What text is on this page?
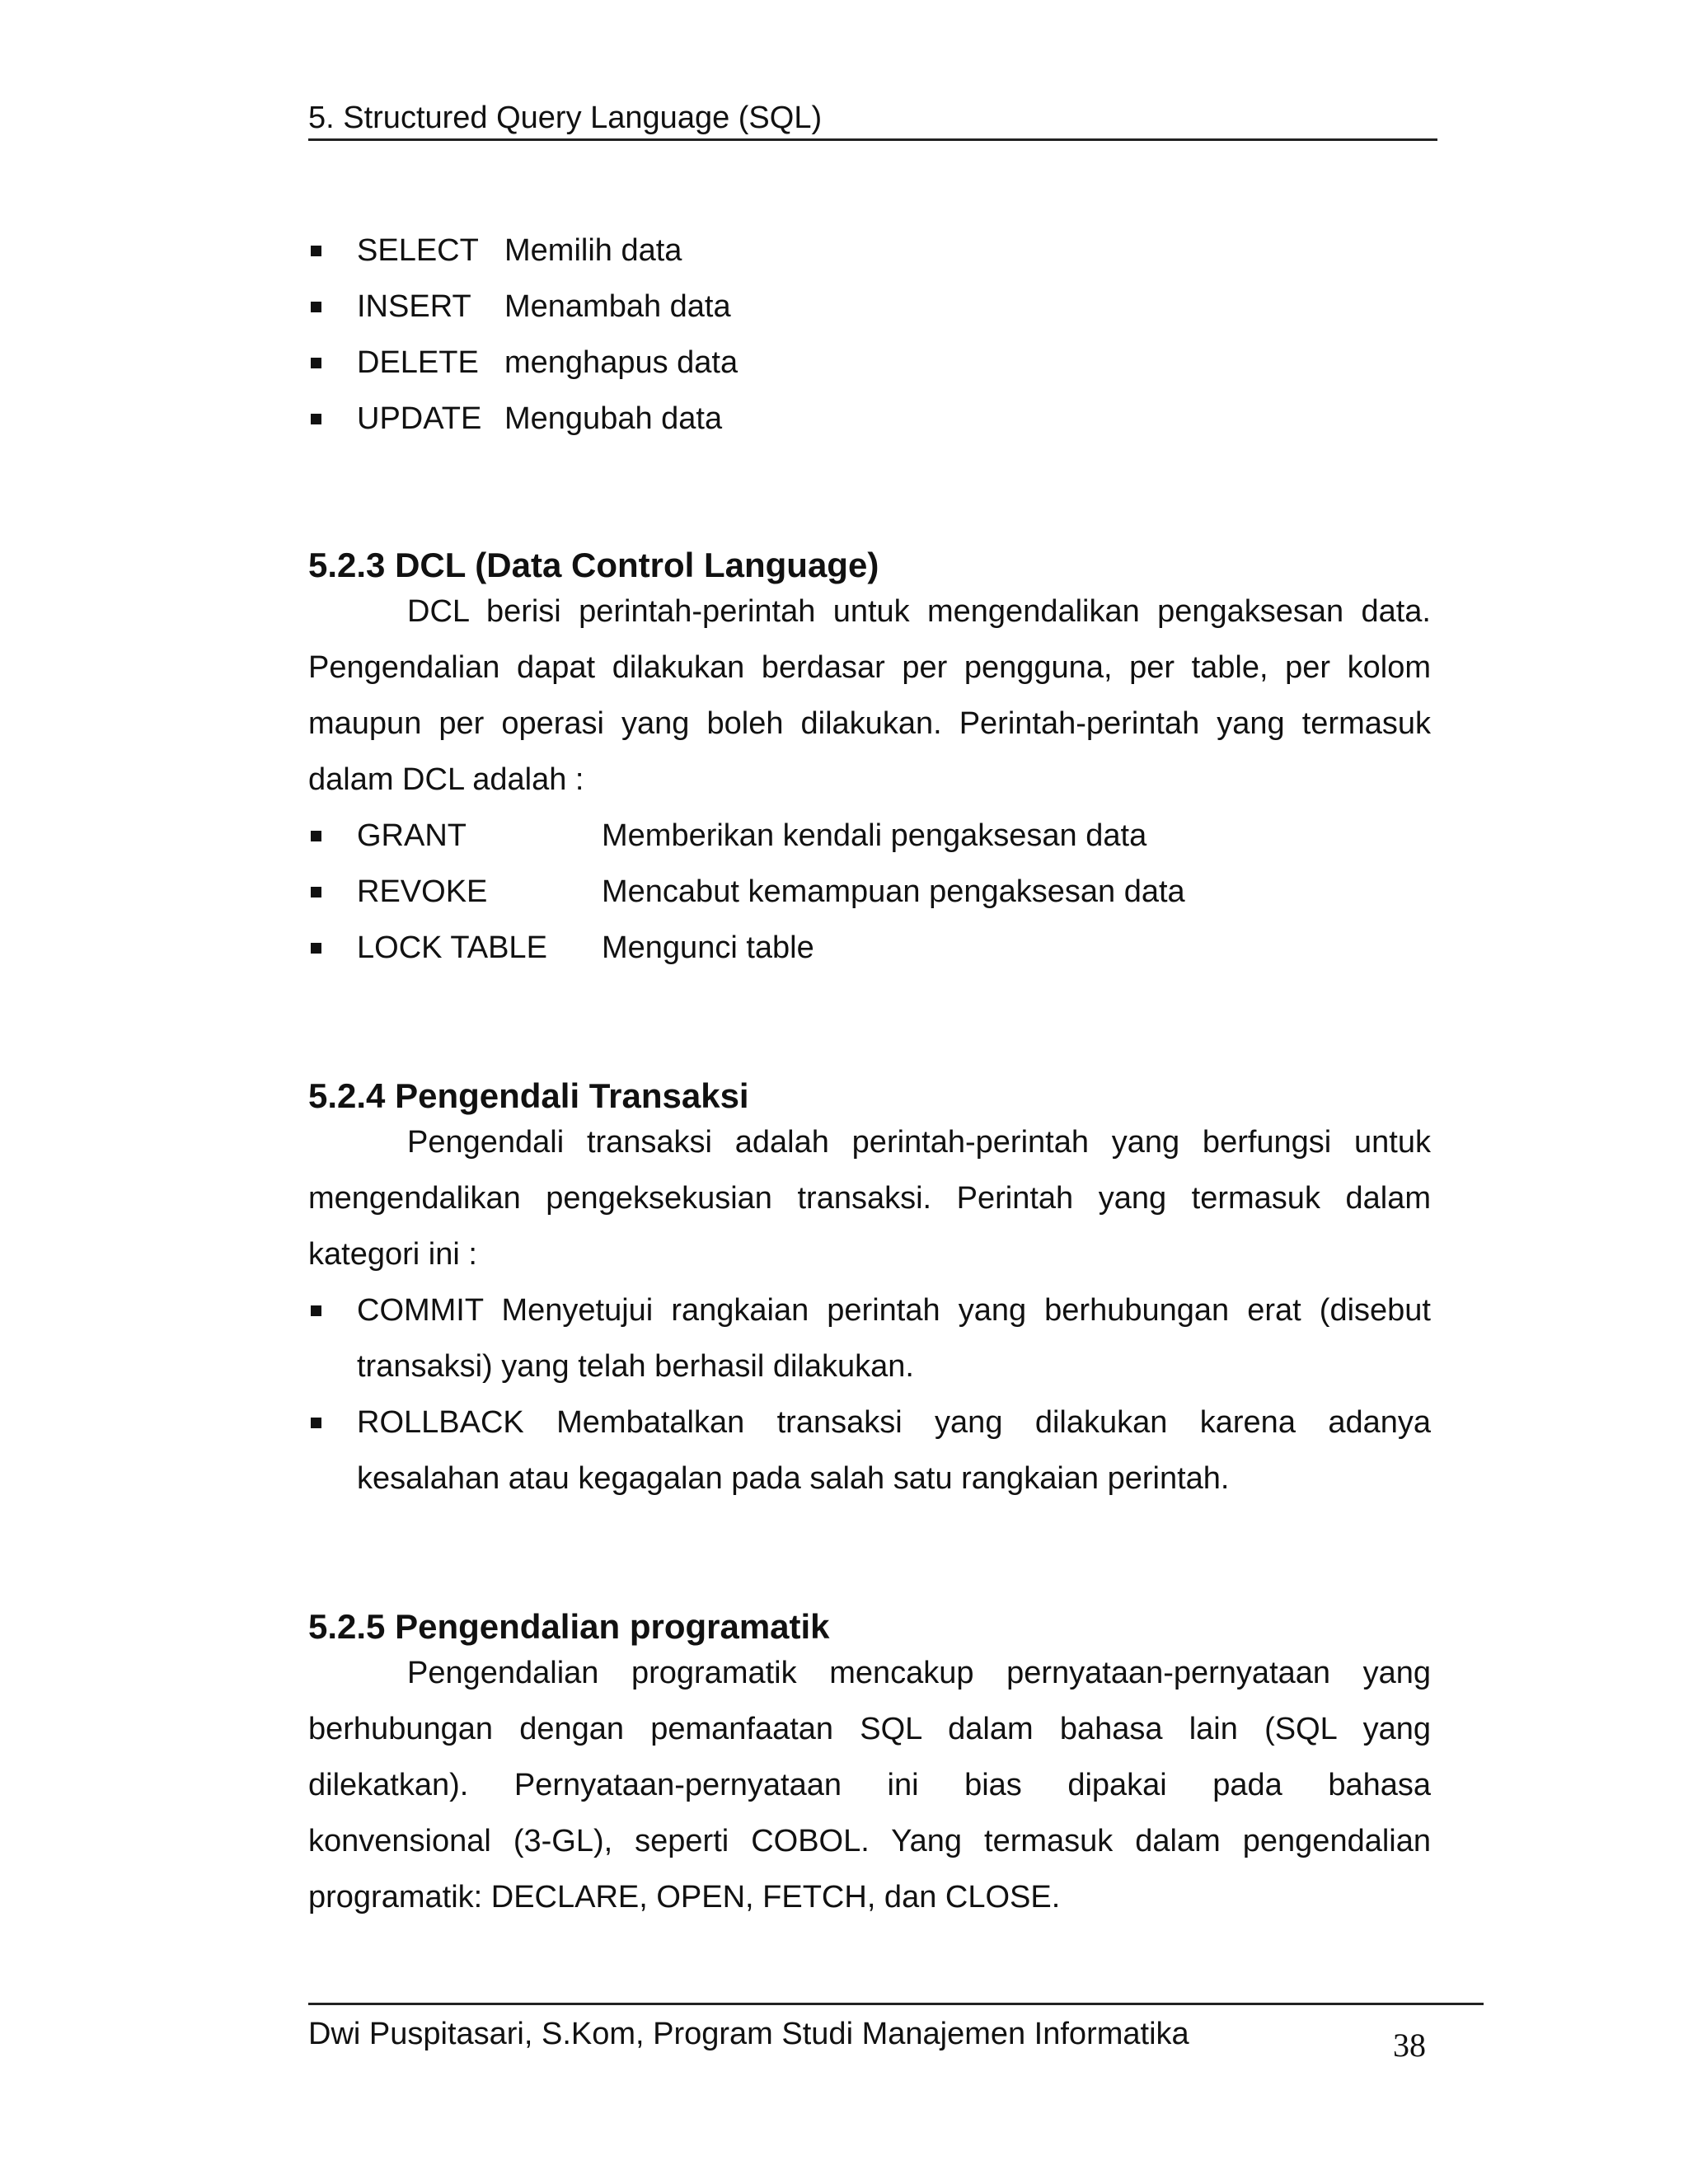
5. Structured Query Language (SQL)
SELECT Memilih data
INSERT Menambah data
DELETE menghapus data
UPDATE Mengubah data
5.2.3 DCL (Data Control Language)
DCL berisi perintah-perintah untuk mengendalikan pengaksesan data.
Pengendalian dapat dilakukan berdasar per pengguna, per table, per kolom
maupun per operasi yang boleh dilakukan. Perintah-perintah yang termasuk
dalam DCL adalah :
GRANT	Memberikan kendali pengaksesan data
REVOKE	Mencabut kemampuan pengaksesan data
LOCK TABLE Mengunci table
5.2.4 Pengendali Transaksi
Pengendali transaksi adalah perintah-perintah yang berfungsi untuk
mengendalikan pengeksekusian transaksi. Perintah yang termasuk dalam
kategori ini :
COMMIT Menyetujui rangkaian perintah yang berhubungan erat (disebut
transaksi) yang telah berhasil dilakukan.
ROLLBACK Membatalkan transaksi yang dilakukan karena adanya
kesalahan atau kegagalan pada salah satu rangkaian perintah.
5.2.5 Pengendalian programatik
Pengendalian programatik mencakup pernyataan-pernyataan yang
berhubungan dengan pemanfaatan SQL dalam bahasa lain (SQL yang
dilekatkan). Pernyataan-pernyataan ini bias dipakai pada bahasa
konvensional (3-GL), seperti COBOL. Yang termasuk dalam pengendalian
programatik: DECLARE, OPEN, FETCH, dan CLOSE.
Dwi Puspitasari, S.Kom, Program Studi Manajemen Informatika	38
